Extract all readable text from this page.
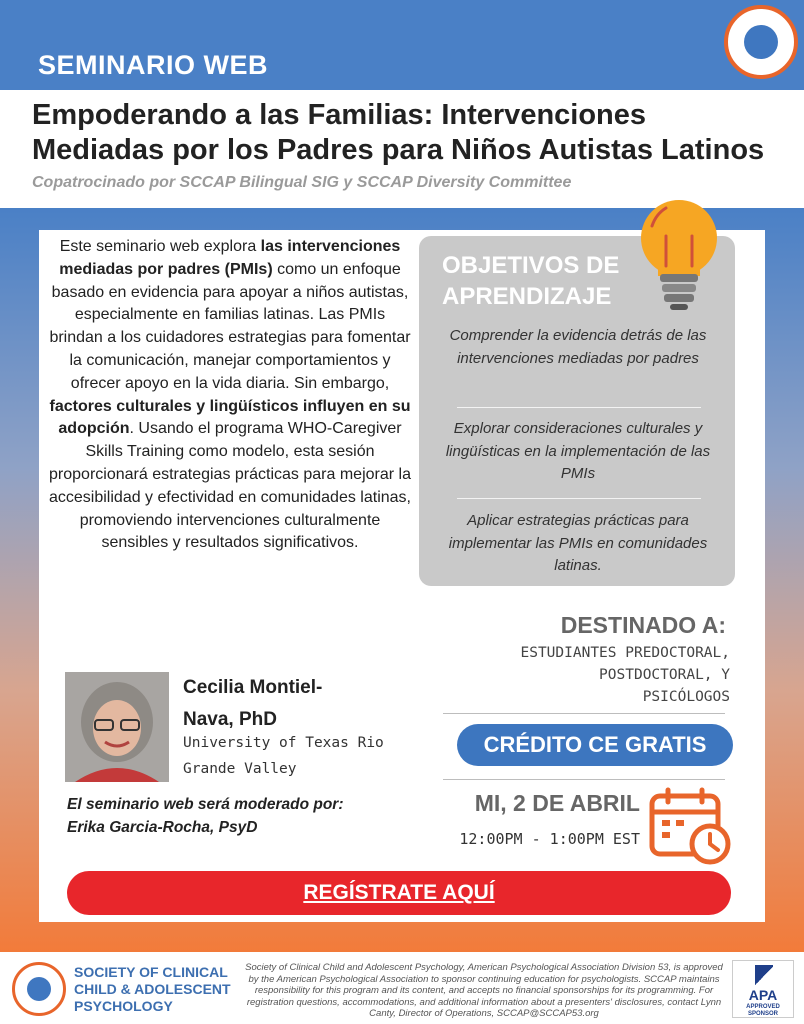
SEMINARIO WEB
Empoderando a las Familias: Intervenciones
Mediadas por los Padres para Niños Autistas Latinos
Copatrocinado por SCCAP Bilingual SIG y SCCAP Diversity Committee
Este seminario web explora las intervenciones mediadas por padres (PMIs) como un enfoque basado en evidencia para apoyar a niños autistas, especialmente en familias latinas. Las PMIs brindan a los cuidadores estrategias para fomentar la comunicación, manejar comportamientos y ofrecer apoyo en la vida diaria. Sin embargo, factores culturales y lingüísticos influyen en su adopción. Usando el programa WHO-Caregiver Skills Training como modelo, esta sesión proporcionará estrategias prácticas para mejorar la accesibilidad y efectividad en comunidades latinas, promoviendo intervenciones culturalmente sensibles y resultados significativos.
OBJETIVOS DE
APRENDIZAJE
Comprender la evidencia detrás de las intervenciones mediadas por padres
Explorar consideraciones culturales y lingüísticas en la implementación de las PMIs
Aplicar estrategias prácticas para implementar las PMIs en comunidades latinas.
DESTINADO A:
ESTUDIANTES PREDOCTORAL,
POSTDOCTORAL, Y
PSICÓLOGOS
CRÉDITO CE GRATIS
MI, 2 DE ABRIL
12:00PM - 1:00PM EST
Cecilia Montiel-
Nava, PhD
University of Texas Rio
Grande Valley
El seminario web será moderado por:
Erika Garcia-Rocha, PsyD
REGÍSTRATE AQUÍ
SOCIETY OF CLINICAL
CHILD & ADOLESCENT
PSYCHOLOGY
Society of Clinical Child and Adolescent Psychology, American Psychological Association Division 53, is approved by the American Psychological Association to sponsor continuing education for psychologists. SCCAP maintains responsibility for this program and its content, and accepts no financial sponsorships for its programming. For registration questions, accommodations, and additional information about a presenters' disclosures, contact Lynn Canty, Director of Operations, SCCAP@SCCAP53.org
APA
APPROVED SPONSOR
